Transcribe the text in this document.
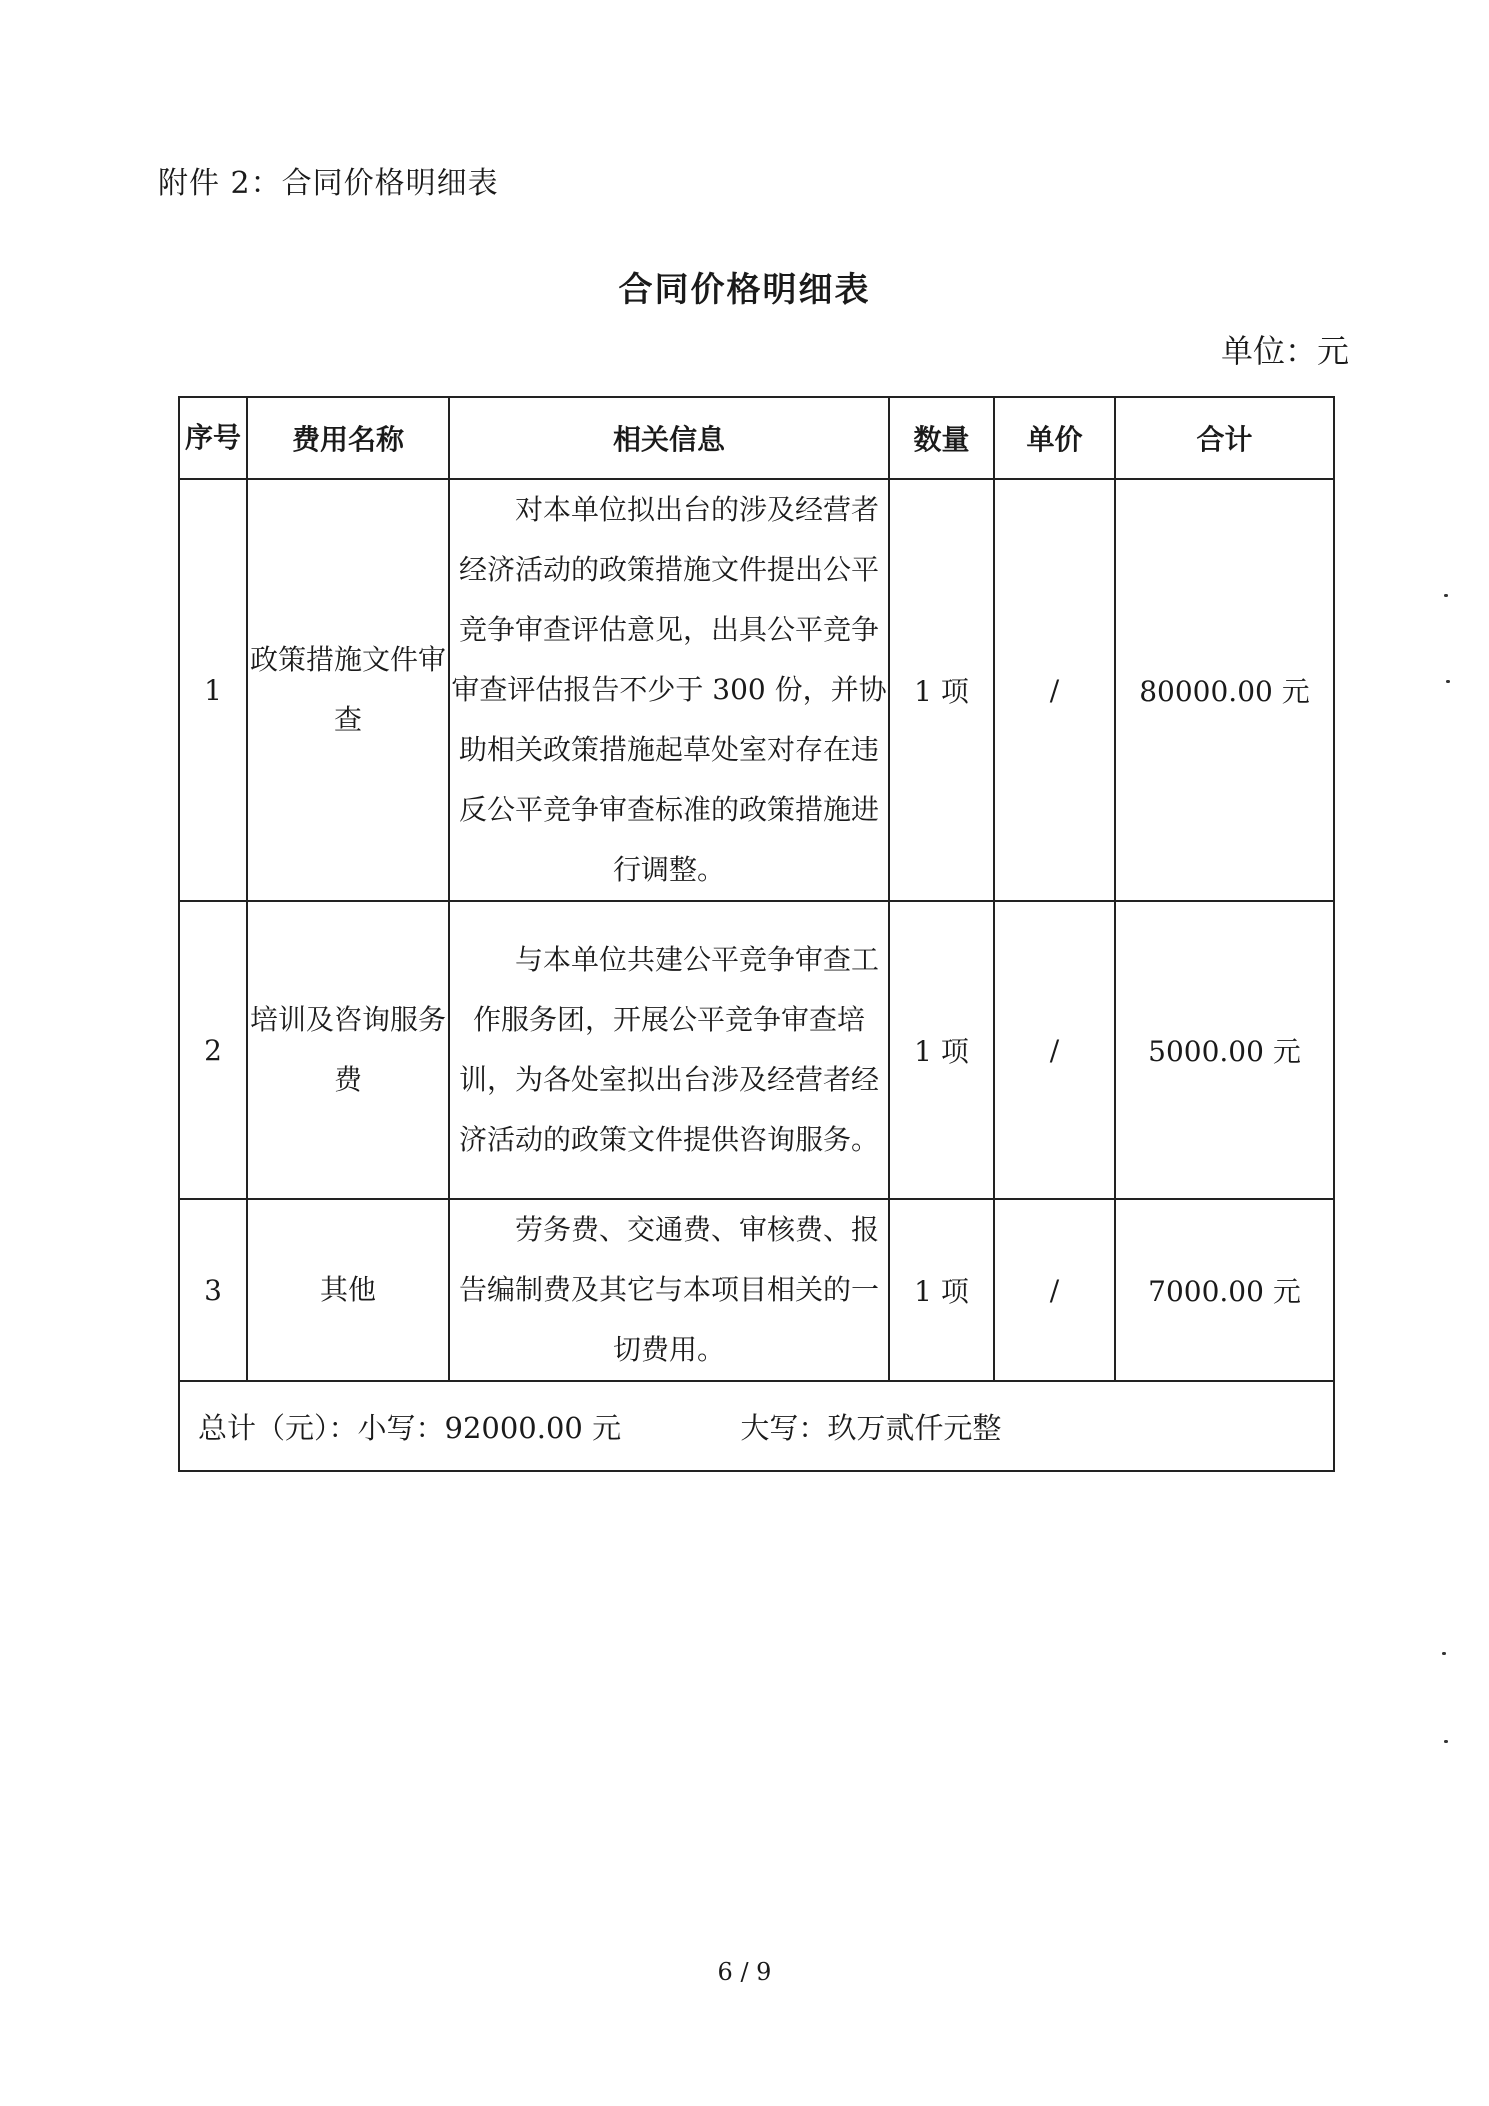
附件 2：合同价格明细表
合同价格明细表
单位：元
序号	费用名称	相关信息	数量	单价	合计
1	政策措施文件审查	对本单位拟出台的涉及经营者经济活动的政策措施文件提出公平竞争审查评估意见，出具公平竞争审查评估报告不少于 300 份，并协助相关政策措施起草处室对存在违反公平竞争审查标准的政策措施进行调整。	1 项	/	80000.00 元
2	培训及咨询服务费	与本单位共建公平竞争审查工作服务团，开展公平竞争审查培训，为各处室拟出台涉及经营者经济活动的政策文件提供咨询服务。	1 项	/	5000.00 元
3	其他	劳务费、交通费、审核费、报告编制费及其它与本项目相关的一切费用。	1 项	/	7000.00 元
总计（元）：小写：92000.00 元 大写：玖万贰仟元整					
6 / 9
